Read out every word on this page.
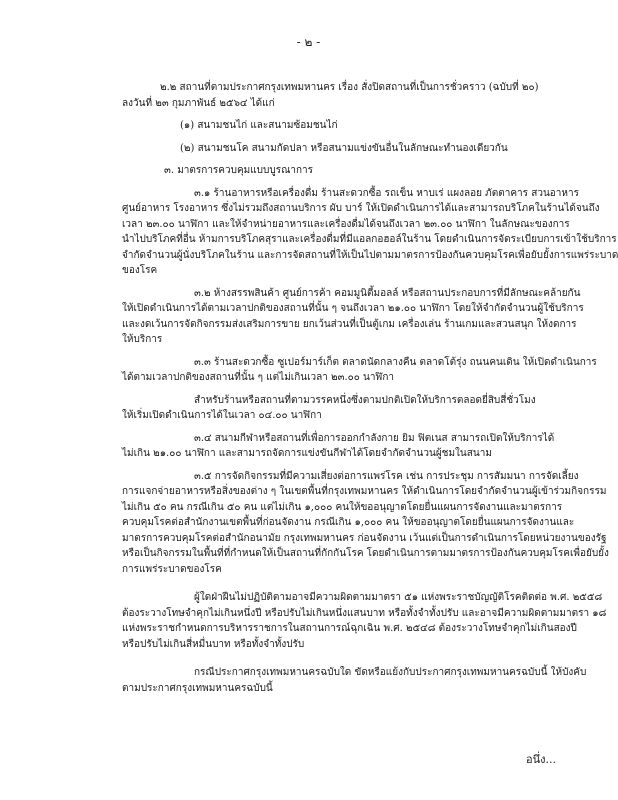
- ๒ -
๒.๒ สถานที่ตามประกาศกรุงเทพมหานคร เรื่อง สั่งปิดสถานที่เป็นการชั่วคราว (ฉบับที่ ๒๐)
ลงวันที่ ๒๓ กุมภาพันธ์ ๒๕๖๔ ได้แก่
(๑) สนามชนไก่ และสนามซ้อมชนไก่
(๒) สนามชนโค สนามกัดปลา หรือสนามแข่งขันอื่นในลักษณะทำนองเดียวกัน
๓. มาตรการควบคุมแบบบูรณาการ
๓.๑ ร้านอาหารหรือเครื่องดื่ม ร้านสะดวกซื้อ รถเข็น หาบเร่ แผงลอย ภัตตาคาร สวนอาหาร
ศูนย์อาหาร โรงอาหาร ซึ่งไม่รวมถึงสถานบริการ ผับ บาร์ ให้เปิดดำเนินการได้และสามารถบริโภคในร้านได้จนถึง
เวลา ๒๓.๐๐ นาฬิกา และให้จำหน่ายอาหารและเครื่องดื่มได้จนถึงเวลา ๒๓.๐๐ นาฬิกา ในลักษณะของการ
นำไปบริโภคที่อื่น ห้ามการบริโภคสุราและเครื่องดื่มที่มีแอลกอฮอล์ในร้าน โดยดำเนินการจัดระเบียบการเข้าใช้บริการ
จำกัดจำนวนผู้นั่งบริโภคในร้าน และการจัดสถานที่ให้เป็นไปตามมาตรการป้องกันควบคุมโรคเพื่อยับยั้งการแพร่ระบาด
ของโรค
๓.๒ ห้างสรรพสินค้า ศูนย์การค้า คอมมูนิตี้มอลล์ หรือสถานประกอบการที่มีลักษณะคล้ายกัน
ให้เปิดดำเนินการได้ตามเวลาปกติของสถานที่นั้น ๆ จนถึงเวลา ๒๑.๐๐ นาฬิกา โดยให้จำกัดจำนวนผู้ใช้บริการ
และงดเว้นการจัดกิจกรรมส่งเสริมการขาย ยกเว้นส่วนที่เป็นตู้เกม เครื่องเล่น ร้านเกมและสวนสนุก ให้งดการ
ให้บริการ
๓.๓ ร้านสะดวกซื้อ ซูเปอร์มาร์เก็ต ตลาดนัดกลางคืน ตลาดโต้รุ่ง ถนนคนเดิน ให้เปิดดำเนินการ
ได้ตามเวลาปกติของสถานที่นั้น ๆ แต่ไม่เกินเวลา ๒๓.๐๐ นาฬิกา
สำหรับร้านหรือสถานที่ตามวรรคหนึ่งซึ่งตามปกติเปิดให้บริการตลอดยี่สิบสี่ชั่วโมง
ให้เริ่มเปิดดำเนินการได้ในเวลา ๐๔.๐๐ นาฬิกา
๓.๔ สนามกีฬาหรือสถานที่เพื่อการออกกำลังกาย ยิม ฟิตเนส สามารถเปิดให้บริการได้
ไม่เกิน ๒๑.๐๐ นาฬิกา และสามารถจัดการแข่งขันกีฬาได้โดยจำกัดจำนวนผู้ชมในสนาม
๓.๕ การจัดกิจกรรมที่มีความเสี่ยงต่อการแพร่โรค เช่น การประชุม การสัมมนา การจัดเลี้ยง
การแจกจ่ายอาหารหรือสิ่งของต่าง ๆ ในเขตพื้นที่กรุงเทพมหานคร ให้ดำเนินการโดยจำกัดจำนวนผู้เข้าร่วมกิจกรรม
ไม่เกิน ๕๐ คน กรณีเกิน ๕๐ คน แต่ไม่เกิน ๑,๐๐๐ คนให้ขออนุญาตโดยยื่นแผนการจัดงานและมาตรการ
ควบคุมโรคต่อสำนักงานเขตพื้นที่ก่อนจัดงาน กรณีเกิน ๑,๐๐๐ คน ให้ขออนุญาตโดยยื่นแผนการจัดงานและ
มาตรการควบคุมโรคต่อสำนักอนามัย กรุงเทพมหานคร ก่อนจัดงาน เว้นแต่เป็นการดำเนินการโดยหน่วยงานของรัฐ
หรือเป็นกิจกรรมในพื้นที่ที่กำหนดให้เป็นสถานที่กักกันโรค โดยดำเนินการตามมาตรการป้องกันควบคุมโรคเพื่อยับยั้ง
การแพร่ระบาดของโรค
ผู้ใดฝ่าฝืนไม่ปฏิบัติตามอาจมีความผิดตามมาตรา ๕๑ แห่งพระราชบัญญัติโรคติดต่อ พ.ศ. ๒๕๕๘
ต้องระวางโทษจำคุกไม่เกินหนึ่งปี หรือปรับไม่เกินหนึ่งแสนบาท หรือทั้งจำทั้งปรับ และอาจมีความผิดตามมาตรา ๑๘
แห่งพระราชกำหนดการบริหารราชการในสถานการณ์ฉุกเฉิน พ.ศ. ๒๕๔๘ ต้องระวางโทษจำคุกไม่เกินสองปี
หรือปรับไม่เกินสี่หมื่นบาท หรือทั้งจำทั้งปรับ
กรณีประกาศกรุงเทพมหานครฉบับใด ขัดหรือแย้งกับประกาศกรุงเทพมหานครฉบับนี้ ให้บังคับ
ตามประกาศกรุงเทพมหานครฉบับนี้
อนึ่ง...
